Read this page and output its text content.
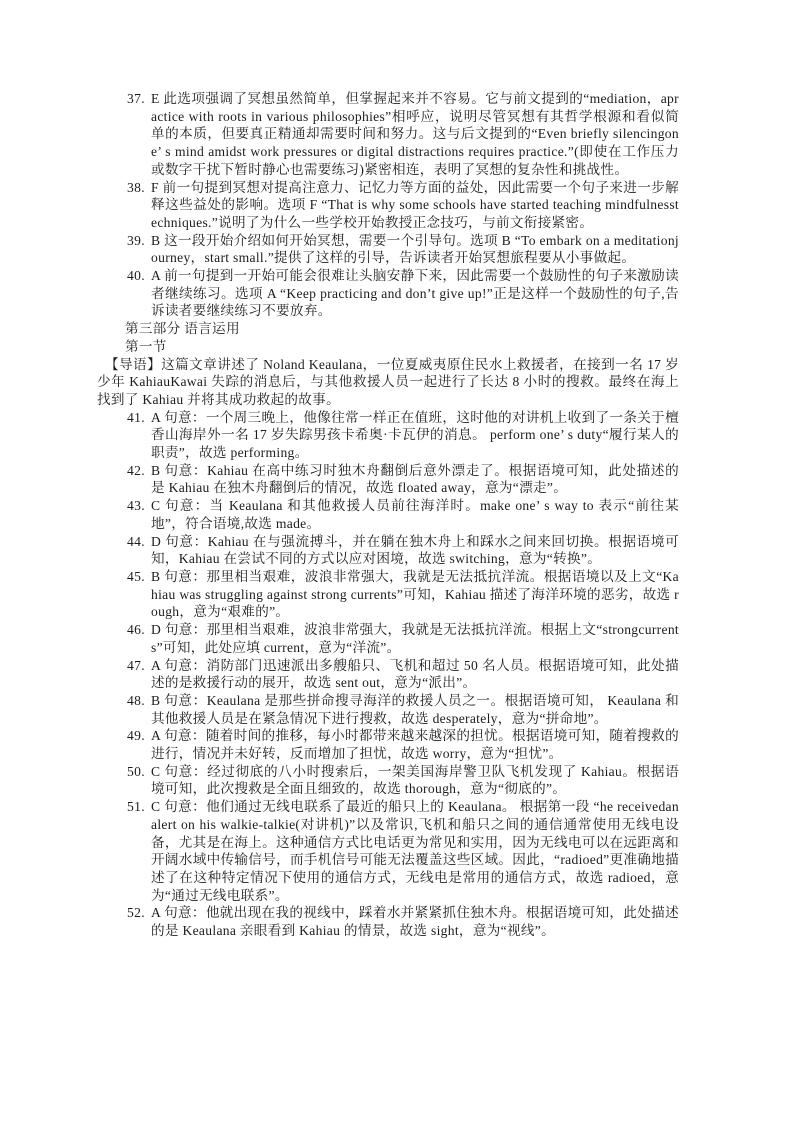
37. E 此选项强调了冥想虽然简单，但掌握起来并不容易。它与前文提到的“mediation，apractice with roots in various philosophies”相呼应，说明尽管冥想有其哲学根源和看似简单的本质，但要真正精通却需要时间和努力。这与后文提到的“Even briefly silencingone’ s mind amidst work pressures or digital distractions requires practice.”(即使在工作压力或数字干扰下暂时静心也需要练习)紧密相连，表明了冥想的复杂性和挑战性。
38. F 前一句提到冥想对提高注意力、记忆力等方面的益处，因此需要一个句子来进一步解释这些益处的影响。选项 F “That is why some schools have started teaching mindfulnesstechniques.”说明了为什么一些学校开始教授正念技巧，与前文衔接紧密。
39. B 这一段开始介绍如何开始冥想，需要一个引导句。选项 B “To embark on a meditationjourney，start small.”提供了这样的引导，告诉读者开始冥想旅程要从小事做起。
40. A 前一句提到一开始可能会很难让头脑安静下来，因此需要一个鼓励性的句子来激励读者继续练习。选项 A “Keep practicing and don’t give up!”正是这样一个鼓励性的句子,告诉读者要继续练习不要放弃。
第三部分 语言运用
第一节
【导语】这篇文章讲述了 Noland Keaulana，一位夏威夷原住民水上救援者，在接到一名 17 岁少年 KahiauKawai 失踪的消息后，与其他救援人员一起进行了长达 8 小时的搜救。最终在海上找到了 Kahiau 并将其成功救起的故事。
41. A 句意：一个周三晚上，他像往常一样正在值班，这时他的对讲机上收到了一条关于檀香山海岸外一名 17 岁失踪男孩卡希奥·卡瓦伊的消息。 perform one’ s duty“履行某人的职责”，故选 performing。
42. B 句意：Kahiau 在高中练习时独木舟翻倒后意外漂走了。根据语境可知，此处描述的是 Kahiau 在独木舟翻倒后的情况，故选 floated away，意为“漂走”。
43. C 句意：当 Keaulana 和其他救援人员前往海洋时。make one’ s way to 表示“前往某地”，符合语境,故选 made。
44. D 句意：Kahiau 在与强流搏斗，并在躺在独木舟上和踩水之间来回切换。根据语境可知，Kahiau 在尝试不同的方式以应对困境，故选 switching，意为“转换”。
45. B 句意：那里相当艰难，波浪非常强大，我就是无法抵抗洋流。根据语境以及上文“Kahiau was struggling against strong currents”可知，Kahiau 描述了海洋环境的恶劣，故选 rough，意为“艰难的”。
46. D 句意：那里相当艰难，波浪非常强大，我就是无法抵抗洋流。根据上文“strongcurrents”可知，此处应填 current，意为“洋流”。
47. A 句意：消防部门迅速派出多艘船只、飞机和超过 50 名人员。根据语境可知，此处描述的是救援行动的展开，故选 sent out，意为“派出”。
48. B 句意：Keaulana 是那些拼命搜寻海洋的救援人员之一。根据语境可知， Keaulana 和其他救援人员是在紧急情况下进行搜救，故选 desperately，意为“拼命地”。
49. A 句意：随着时间的推移，每小时都带来越来越深的担忧。根据语境可知，随着搜救的进行，情况并未好转，反而增加了担忧，故选 worry，意为“担忧”。
50. C 句意：经过彻底的八小时搜索后，一架美国海岸警卫队飞机发现了 Kahiau。根据语境可知，此次搜救是全面且细致的，故选 thorough，意为“彻底的”。
51. C 句意：他们通过无线电联系了最近的船只上的 Keaulana。 根据第一段 “he receivedan alert on his walkie-talkie(对讲机)”以及常识,飞机和船只之间的通信通常使用无线电设备，尤其是在海上。这种通信方式比电话更为常见和实用，因为无线电可以在远距离和开阔水域中传输信号，而手机信号可能无法覆盖这些区域。因此，“radioed”更准确地描述了在这种特定情况下使用的通信方式，无线电是常用的通信方式，故选 radioed，意为“通过无线电联系”。
52. A 句意：他就出现在我的视线中，踩着水并紧紧抓住独木舟。根据语境可知，此处描述的是 Keaulana 亲眼看到 Kahiau 的情景，故选 sight，意为“视线”。
